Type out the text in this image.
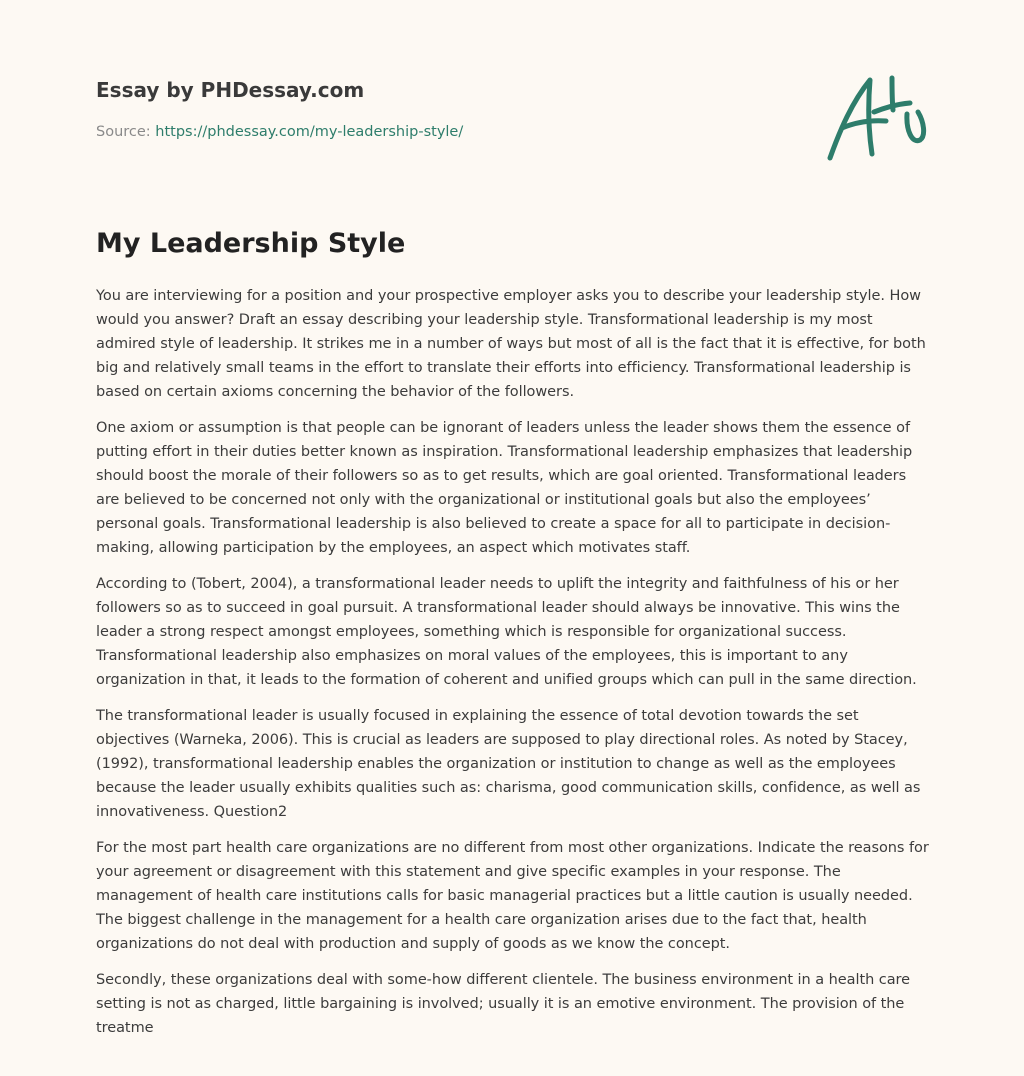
Essay by PHDessay.com
Source: https://phdessay.com/my-leadership-style/
My Leadership Style

You are interviewing for a position and your prospective employer asks you to describe your leadership style. How would you answer? Draft an essay describing your leadership style. Transformational leadership is my most admired style of leadership. It strikes me in a number of ways but most of all is the fact that it is effective, for both big and relatively small teams in the effort to translate their efforts into efficiency. Transformational leadership is based on certain axioms concerning the behavior of the followers.

One axiom or assumption is that people can be ignorant of leaders unless the leader shows them the essence of putting effort in their duties better known as inspiration. Transformational leadership emphasizes that leadership should boost the morale of their followers so as to get results, which are goal oriented. Transformational leaders are believed to be concerned not only with the organizational or institutional goals but also the employees’ personal goals. Transformational leadership is also believed to create a space for all to participate in decision-making, allowing participation by the employees, an aspect which motivates staff.

According to (Tobert, 2004), a transformational leader needs to uplift the integrity and faithfulness of his or her followers so as to succeed in goal pursuit. A transformational leader should always be innovative. This wins the leader a strong respect amongst employees, something which is responsible for organizational success. Transformational leadership also emphasizes on moral values of the employees, this is important to any organization in that, it leads to the formation of coherent and unified groups which can pull in the same direction.

The transformational leader is usually focused in explaining the essence of total devotion towards the set objectives (Warneka, 2006). This is crucial as leaders are supposed to play directional roles. As noted by Stacey, (1992), transformational leadership enables the organization or institution to change as well as the employees because the leader usually exhibits qualities such as: charisma, good communication skills, confidence, as well as innovativeness. Question2

For the most part health care organizations are no different from most other organizations. Indicate the reasons for your agreement or disagreement with this statement and give specific examples in your response. The management of health care institutions calls for basic managerial practices but a little caution is usually needed. The biggest challenge in the management for a health care organization arises due to the fact that, health organizations do not deal with production and supply of goods as we know the concept.

Secondly, these organizations deal with some-how different clientele. The business environment in a health care setting is not as charged, little bargaining is involved; usually it is an emotive environment. The provision of the treatme
